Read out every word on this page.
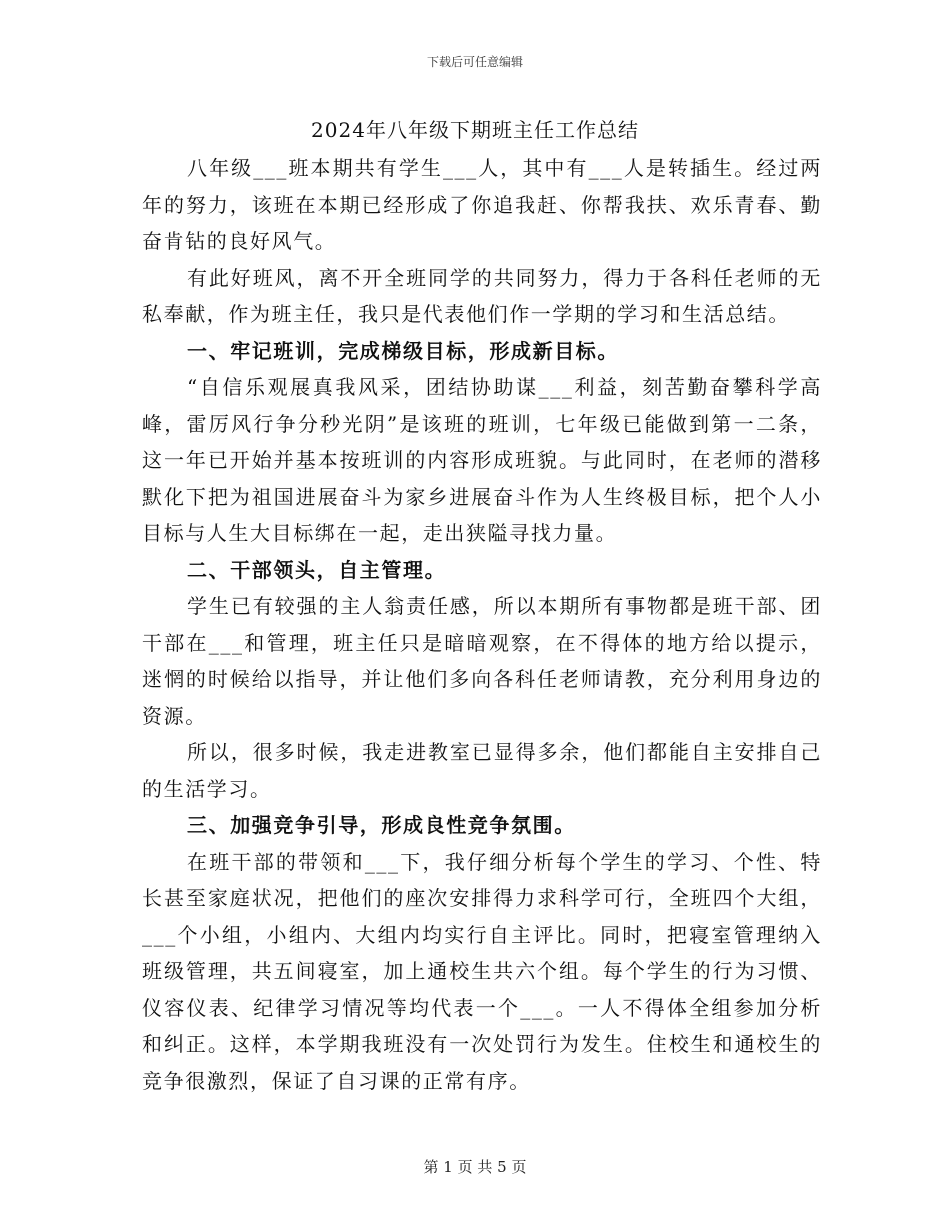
下载后可任意编辑
2024年八年级下期班主任工作总结

八年级___班本期共有学生___人，其中有___人是转插生。经过两年的努力，该班在本期已经形成了你追我赶、你帮我扶、欢乐青春、勤奋肯钻的良好风气。

有此好班风，离不开全班同学的共同努力，得力于各科任老师的无私奉献，作为班主任，我只是代表他们作一学期的学习和生活总结。

一、牢记班训，完成梯级目标，形成新目标。

“自信乐观展真我风采，团结协助谋___利益，刻苦勤奋攀科学高峰，雷厉风行争分秒光阴”是该班的班训，七年级已能做到第一二条，这一年已开始并基本按班训的内容形成班貌。与此同时，在老师的潜移默化下把为祖国进展奋斗为家乡进展奋斗作为人生终极目标，把个人小目标与人生大目标绑在一起，走出狭隘寻找力量。

二、干部领头，自主管理。

学生已有较强的主人翁责任感，所以本期所有事物都是班干部、团干部在___和管理，班主任只是暗暗观察，在不得体的地方给以提示，迷惘的时候给以指导，并让他们多向各科任老师请教，充分利用身边的资源。

所以，很多时候，我走进教室已显得多余，他们都能自主安排自己的生活学习。

三、加强竞争引导，形成良性竞争氛围。

在班干部的带领和___下，我仔细分析每个学生的学习、个性、特长甚至家庭状况，把他们的座次安排得力求科学可行，全班四个大组，___个小组，小组内、大组内均实行自主评比。同时，把寝室管理纳入班级管理，共五间寝室，加上通校生共六个组。每个学生的行为习惯、仪容仪表、纪律学习情况等均代表一个___。一人不得体全组参加分析和纠正。这样，本学期我班没有一次处罚行为发生。住校生和通校生的竞争很激烈，保证了自习课的正常有序。

第 1 页 共 5 页
